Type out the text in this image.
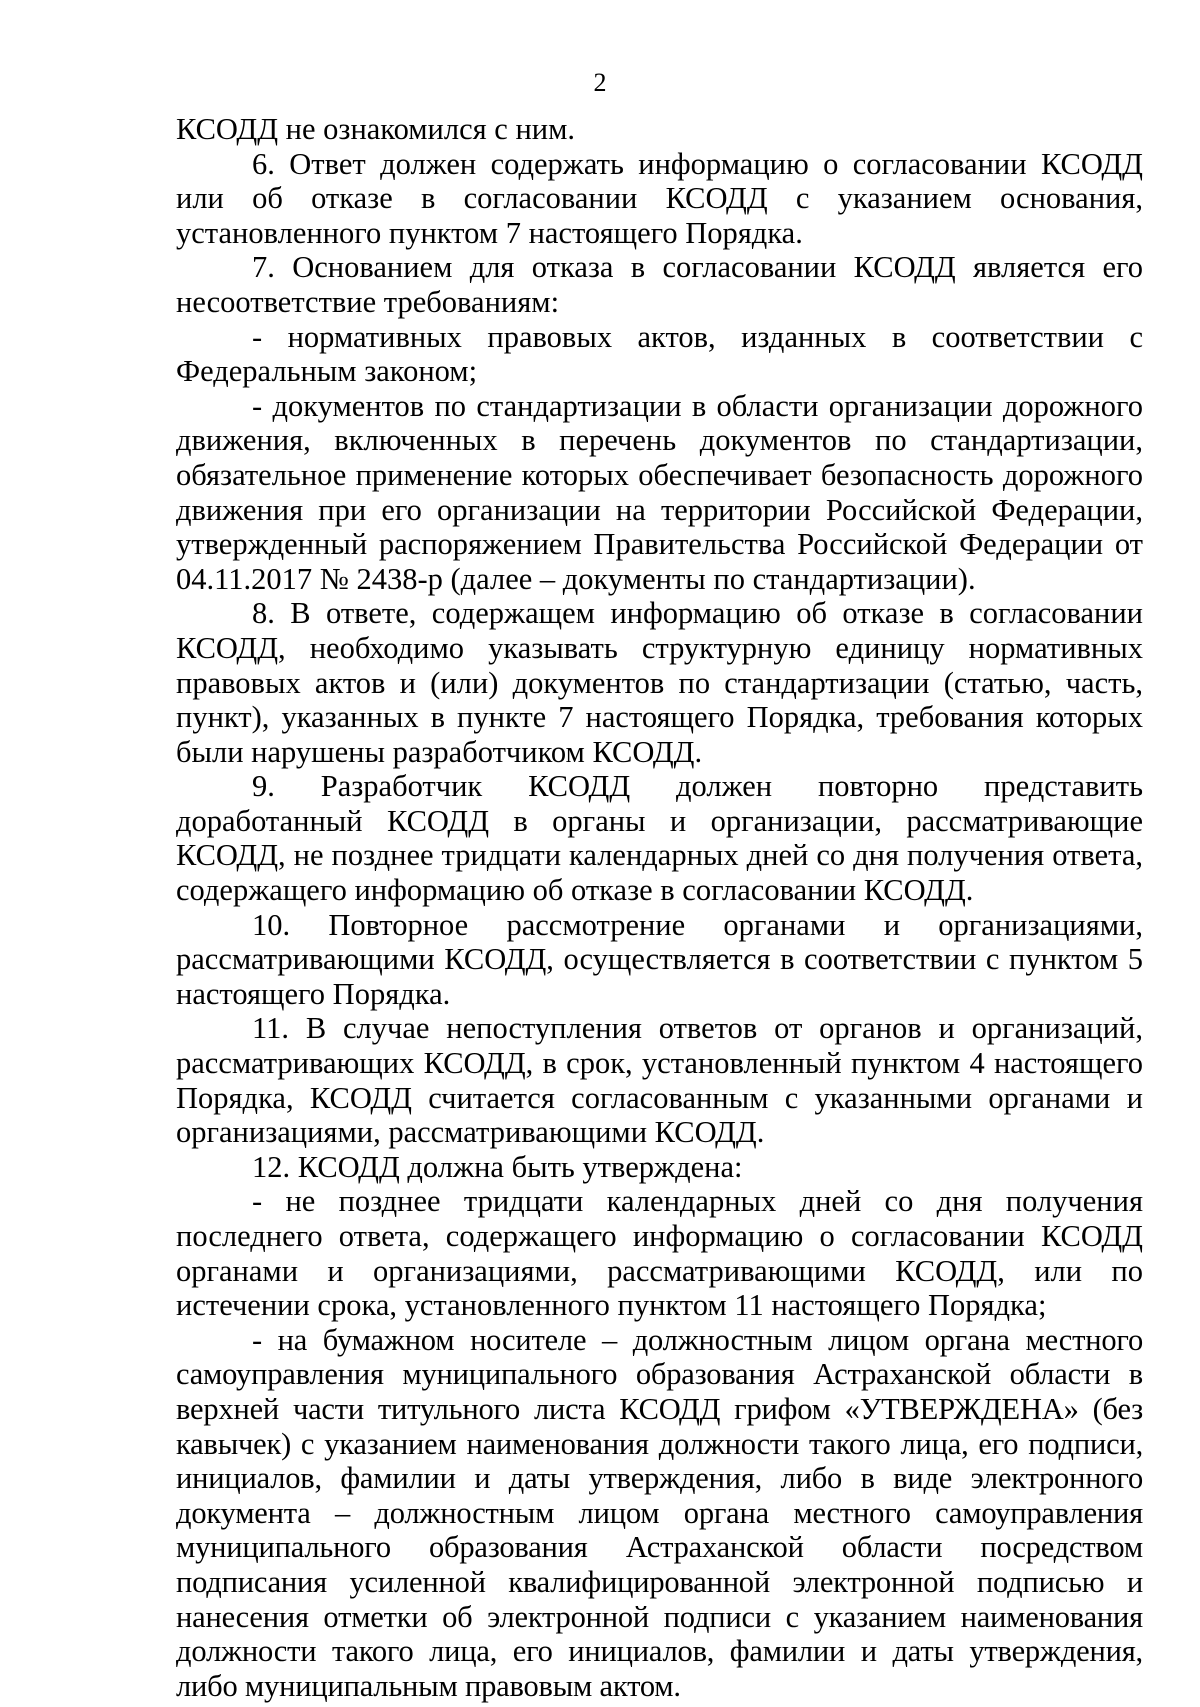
2

КСОДД не ознакомился с ним.

6. Ответ должен содержать информацию о согласовании КСОДД или об отказе в согласовании КСОДД с указанием основания, установленного пунктом 7 настоящего Порядка.

7. Основанием для отказа в согласовании КСОДД является его несоответствие требованиям:

- нормативных правовых актов, изданных в соответствии с Федеральным законом;

- документов по стандартизации в области организации дорожного движения, включенных в перечень документов по стандартизации, обязательное применение которых обеспечивает безопасность дорожного движения при его организации на территории Российской Федерации, утвержденный распоряжением Правительства Российской Федерации от 04.11.2017 № 2438-р (далее – документы по стандартизации).

8. В ответе, содержащем информацию об отказе в согласовании КСОДД, необходимо указывать структурную единицу нормативных правовых актов и (или) документов по стандартизации (статью, часть, пункт), указанных в пункте 7 настоящего Порядка, требования которых были нарушены разработчиком КСОДД.

9. Разработчик КСОДД должен повторно представить доработанный КСОДД в органы и организации, рассматривающие КСОДД, не позднее тридцати календарных дней со дня получения ответа, содержащего информацию об отказе в согласовании КСОДД.

10. Повторное рассмотрение органами и организациями, рассматривающими КСОДД, осуществляется в соответствии с пунктом 5 настоящего Порядка.

11. В случае непоступления ответов от органов и организаций, рассматривающих КСОДД, в срок, установленный пунктом 4 настоящего Порядка, КСОДД считается согласованным с указанными органами и организациями, рассматривающими КСОДД.

12. КСОДД должна быть утверждена:

- не позднее тридцати календарных дней со дня получения последнего ответа, содержащего информацию о согласовании КСОДД органами и организациями, рассматривающими КСОДД, или по истечении срока, установленного пунктом 11 настоящего Порядка;

- на бумажном носителе – должностным лицом органа местного самоуправления муниципального образования Астраханской области в верхней части титульного листа КСОДД грифом «УТВЕРЖДЕНА» (без кавычек) с указанием наименования должности такого лица, его подписи, инициалов, фамилии и даты утверждения, либо в виде электронного документа – должностным лицом органа местного самоуправления муниципального образования Астраханской области посредством подписания усиленной квалифицированной электронной подписью и нанесения отметки об электронной подписи с указанием наименования должности такого лица, его инициалов, фамилии и даты утверждения, либо муниципальным правовым актом.
